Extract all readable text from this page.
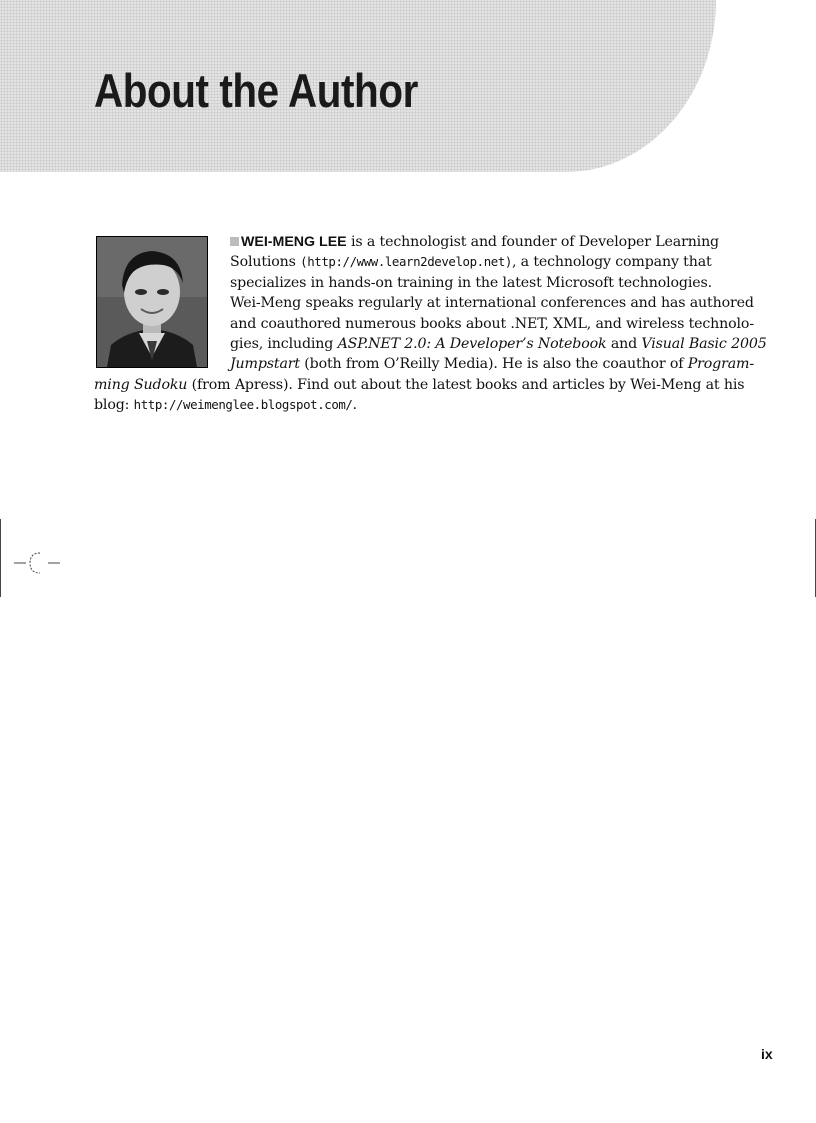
About the Author
WEI-MENG LEE is a technologist and founder of Developer Learning
Solutions (http://www.learn2develop.net), a technology company that
specializes in hands-on training in the latest Microsoft technologies.
Wei-Meng speaks regularly at international conferences and has authored
and coauthored numerous books about .NET, XML, and wireless technolo-
gies, including ASP.NET 2.0: A Developer’s Notebook and Visual Basic 2005
Jumpstart (both from O’Reilly Media). He is also the coauthor of Program-
ming Sudoku (from Apress). Find out about the latest books and articles by Wei-Meng at his
blog: http://weimenglee.blogspot.com/.
ix
